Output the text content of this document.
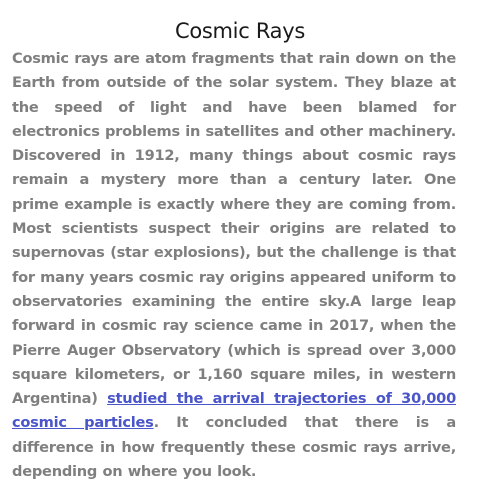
Cosmic Rays
Cosmic rays are atom fragments that rain down on the Earth from outside of the solar system. They blaze at the speed of light and have been blamed for electronics problems in satellites and other machinery. Discovered in 1912, many things about cosmic rays remain a mystery more than a century later. One prime example is exactly where they are coming from. Most scientists suspect their origins are related to supernovas (star explosions), but the challenge is that for many years cosmic ray origins appeared uniform to observatories examining the entire sky.A large leap forward in cosmic ray science came in 2017, when the Pierre Auger Observatory (which is spread over 3,000 square kilometers, or 1,160 square miles, in western Argentina) studied the arrival trajectories of 30,000 cosmic particles. It concluded that there is a difference in how frequently these cosmic rays arrive, depending on where you look.
